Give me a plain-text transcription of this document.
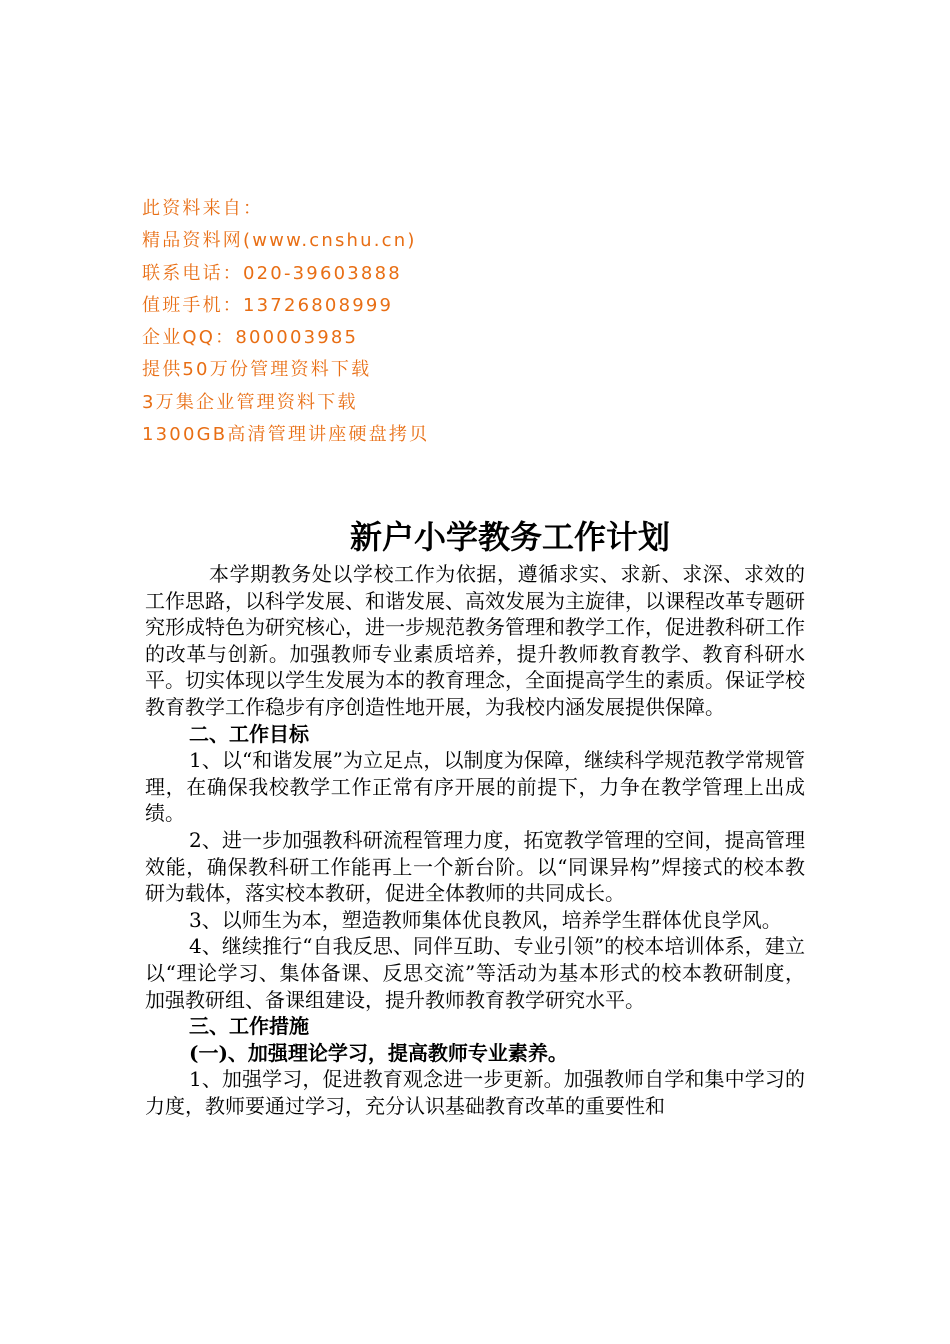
此资料来自：
精品资料网(www.cnshu.cn)
联系电话：020-39603888
值班手机：13726808999
企业QQ：800003985
提供50万份管理资料下载
3万集企业管理资料下载
1300GB高清管理讲座硬盘拷贝
新户小学教务工作计划

本学期教务处以学校工作为依据，遵循求实、求新、求深、求效的工作思路，以科学发展、和谐发展、高效发展为主旋律，以课程改革专题研究形成特色为研究核心，进一步规范教务管理和教学工作，促进教科研工作的改革与创新。加强教师专业素质培养，提升教师教育教学、教育科研水平。切实体现以学生发展为本的教育理念，全面提高学生的素质。保证学校教育教学工作稳步有序创造性地开展，为我校内涵发展提供保障。

二、工作目标

1、以“和谐发展”为立足点，以制度为保障，继续科学规范教学常规管理，在确保我校教学工作正常有序开展的前提下，力争在教学管理上出成绩。

2、进一步加强教科研流程管理力度，拓宽教学管理的空间，提高管理效能，确保教科研工作能再上一个新台阶。以“同课异构”焊接式的校本教研为载体，落实校本教研，促进全体教师的共同成长。

3、以师生为本，塑造教师集体优良教风，培养学生群体优良学风。

4、继续推行“自我反思、同伴互助、专业引领”的校本培训体系，建立以“理论学习、集体备课、反思交流”等活动为基本形式的校本教研制度，加强教研组、备课组建设，提升教师教育教学研究水平。

三、工作措施

(一)、加强理论学习，提高教师专业素养。

1、加强学习，促进教育观念进一步更新。加强教师自学和集中学习的力度，教师要通过学习，充分认识基础教育改革的重要性和
